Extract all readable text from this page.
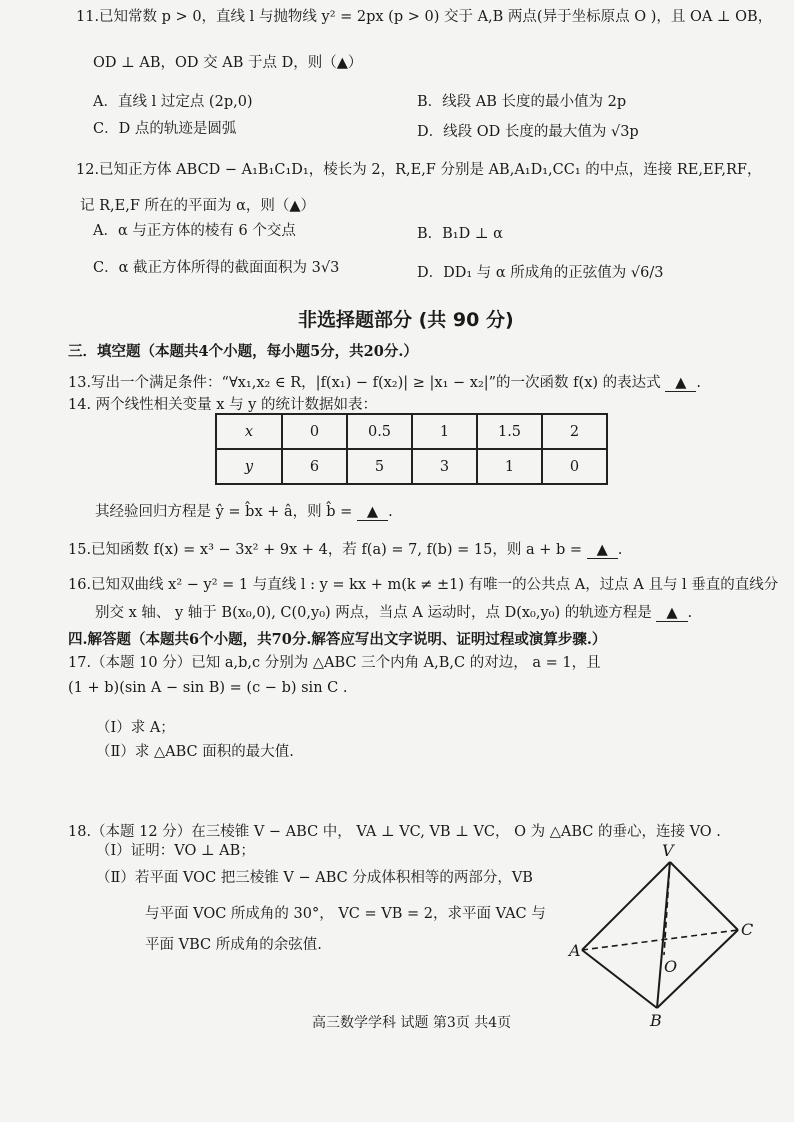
11.已知常数 p > 0，直线 l 与抛物线 y² = 2px (p > 0) 交于 A,B 两点(异于坐标原点 O )，且 OA ⊥ OB，
OD ⊥ AB，OD 交 AB 于点 D，则（▲）
A．直线 l 过定点 (2p,0)	B．线段 AB 长度的最小值为 2p
C．D 点的轨迹是圆弧	D．线段 OD 长度的最大值为 √3p
12.已知正方体 ABCD − A₁B₁C₁D₁，棱长为 2，R,E,F 分别是 AB,A₁D₁,CC₁ 的中点，连接 RE,EF,RF，
记 R,E,F 所在的平面为 α，则（▲）
A．α 与正方体的棱有 6 个交点	B．B₁D ⊥ α
C．α 截正方体所得的截面面积为 3√3	D．DD₁ 与 α 所成角的正弦值为 √6/3
非选择题部分 (共 90 分)
三．填空题（本题共4个小题，每小题5分，共20分.）
13.写出一个满足条件：“∀x₁,x₂ ∈ R，|f(x₁) − f(x₂)| ≥ |x₁ − x₂|”的一次函数 f(x) 的表达式 ▲ .
14. 两个线性相关变量 x 与 y 的统计数据如表：
x	0	0.5	1	1.5	2
y	6	5	3	1	0
其经验回归方程是 ŷ = b̂x + â，则 b̂ = ▲ .
15.已知函数 f(x) = x³ − 3x² + 9x + 4，若 f(a) = 7, f(b) = 15，则 a + b = ▲ .
16.已知双曲线 x² − y² = 1 与直线 l : y = kx + m(k ≠ ±1) 有唯一的公共点 A，过点 A 且与 l 垂直的直线分
别交 x 轴、 y 轴于 B(x₀,0), C(0,y₀) 两点，当点 A 运动时，点 D(x₀,y₀) 的轨迹方程是 ▲ .
四.解答题（本题共6个小题，共70分.解答应写出文字说明、证明过程或演算步骤.）
17.（本题 10 分）已知 a,b,c 分别为 △ABC 三个内角 A,B,C 的对边， a = 1，且
(1 + b)(sin A − sin B) = (c − b) sin C .
（Ⅰ）求 A；
（Ⅱ）求 △ABC 面积的最大值.
18.（本题 12 分）在三棱锥 V − ABC 中， VA ⊥ VC, VB ⊥ VC， O 为 △ABC 的垂心，连接 VO .
（Ⅰ）证明：VO ⊥ AB；
（Ⅱ）若平面 VOC 把三棱锥 V − ABC 分成体积相等的两部分，VB
与平面 VOC 所成角的 30°， VC = VB = 2，求平面 VAC 与
平面 VBC 所成角的余弦值.
V
A
B
C
O
高三数学学科 试题 第3页 共4页
